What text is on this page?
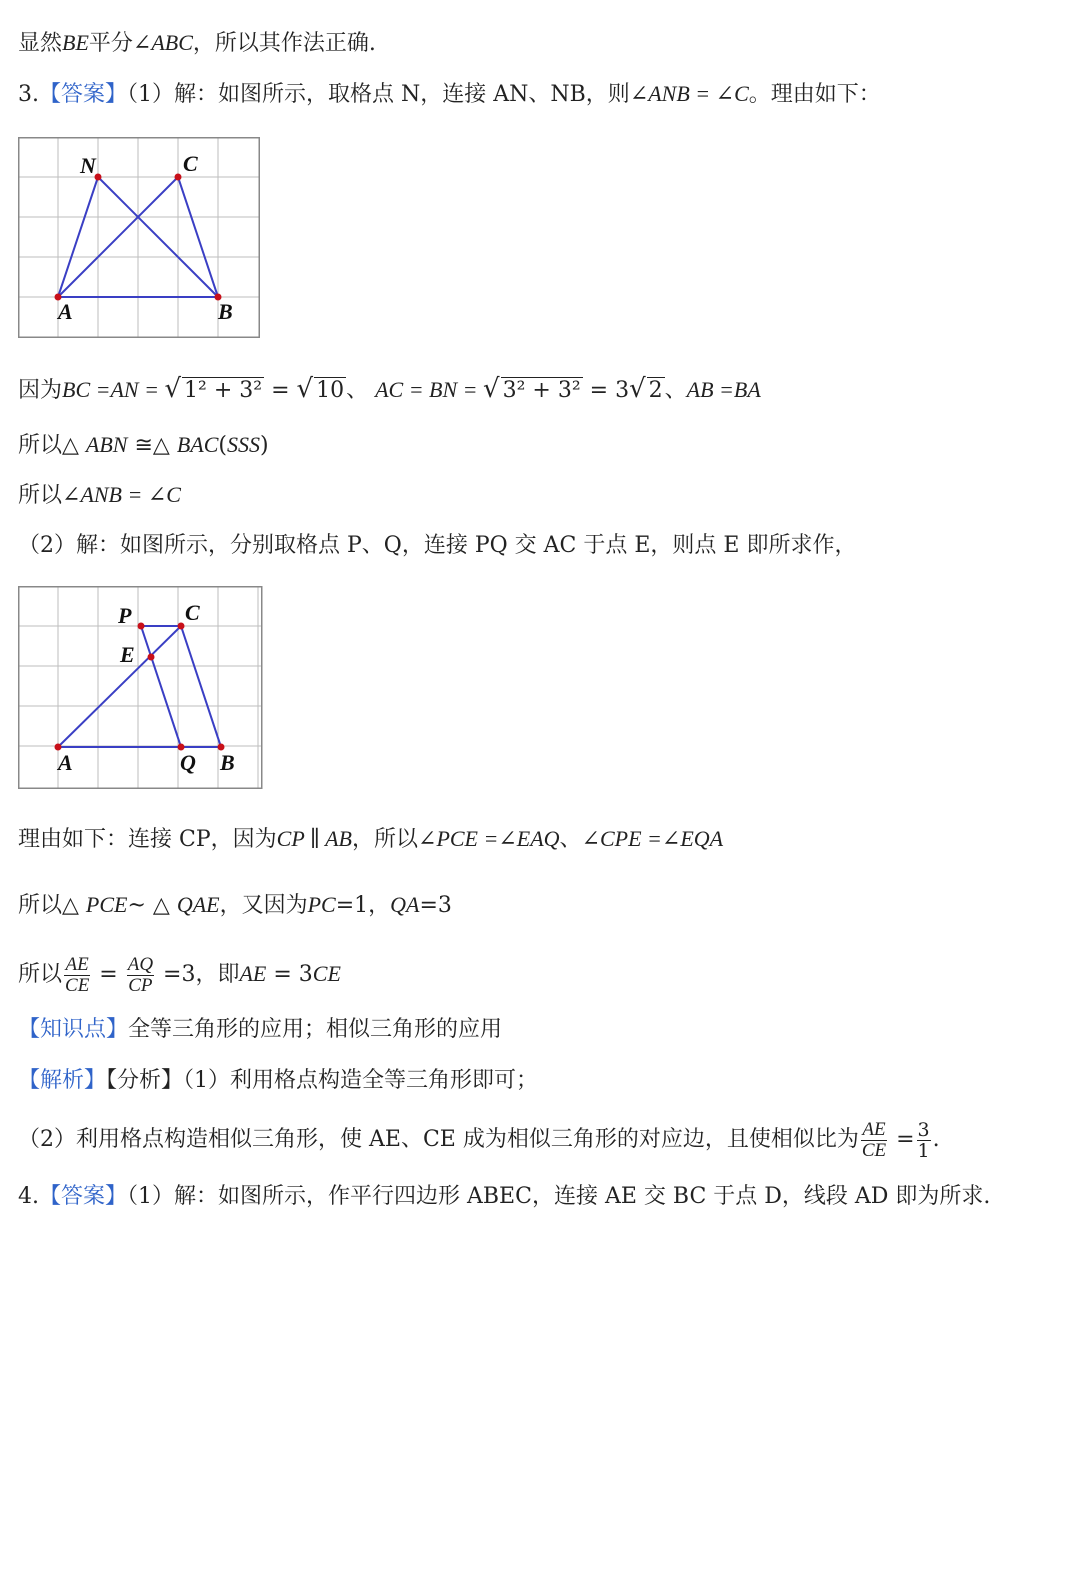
显然BE平分∠ABC，所以其作法正确.
3.【答案】（1）解：如图所示，取格点 N，连接 AN、NB，则∠ANB = ∠C。理由如下：
N	C
A	B
因为BC =AN = √ 1² + 3² = √ 10、 AC = BN = √ 3² + 3² = 3√ 2、AB =BA
所以△ ABN ≅△ BAC(SSS)
所以∠ANB = ∠C
（2）解：如图所示，分别取格点 P、Q，连接 PQ 交 AC 于点 E，则点 E 即所求作，
P C
E
A	Q B
理由如下：连接 CP，因为CP ∥ AB，所以∠PCE =∠EAQ、∠CPE =∠EQA
所以△ PCE~ △ QAE，又因为PC=1，QA=3
所以 $\frac{AE}{CE} = \frac{AQ}{CP} =3$，即AE = 3CE
【知识点】全等三角形的应用；相似三角形的应用
【解析】【分析】（1）利用格点构造全等三角形即可；
（2）利用格点构造相似三角形，使 AE、CE 成为相似三角形的对应边，且使相似比为 $\frac{AE}{CE} = \frac{3}{1}$ .
4.【答案】（1）解：如图所示，作平行四边形 ABEC，连接 AE 交 BC 于点 D，线段 AD 即为所求.
